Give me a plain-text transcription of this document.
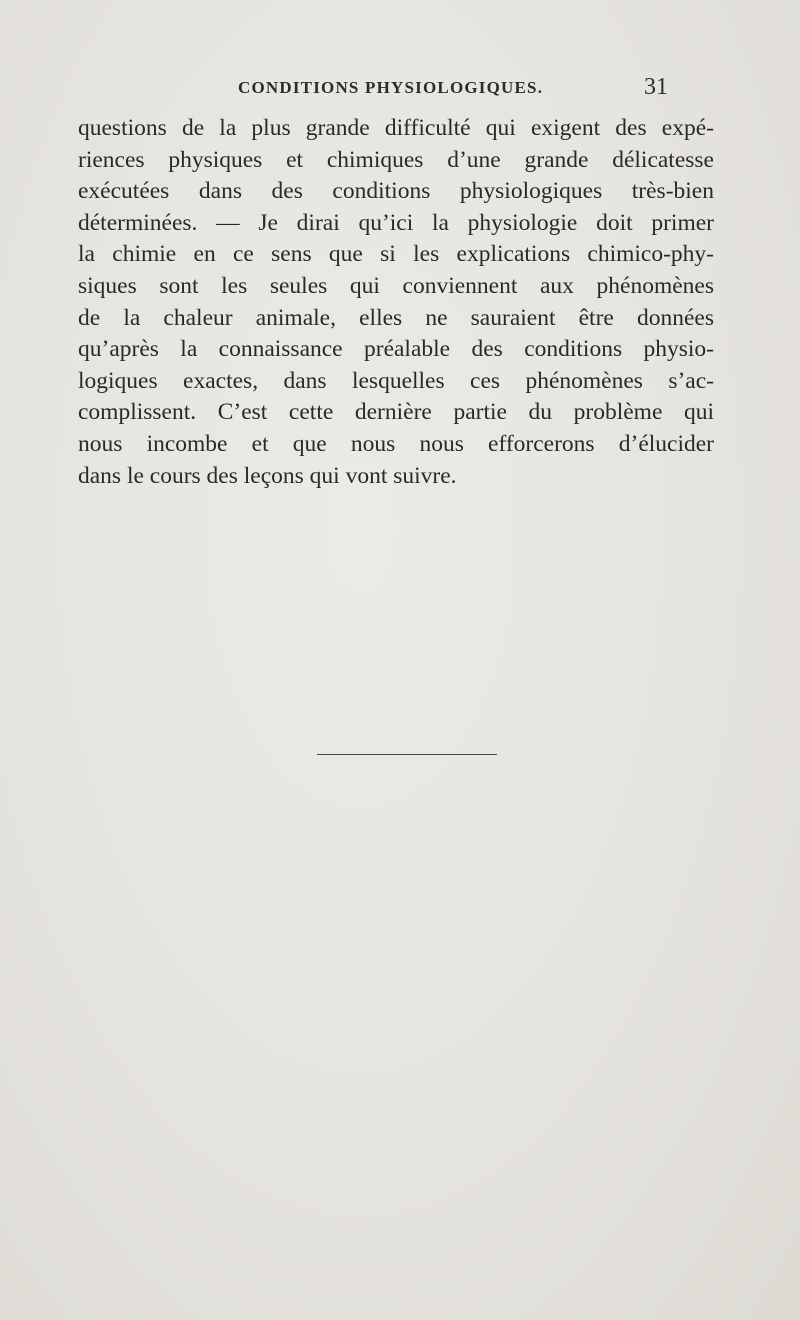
CONDITIONS PHYSIOLOGIQUES.	31
questions de la plus grande difficulté qui exigent des expé-
riences physiques et chimiques d’une grande délicatesse
exécutées dans des conditions physiologiques très-bien
déterminées. — Je dirai qu’ici la physiologie doit primer
la chimie en ce sens que si les explications chimico-phy-
siques sont les seules qui conviennent aux phénomènes
de la chaleur animale, elles ne sauraient être données
qu’après la connaissance préalable des conditions physio-
logiques exactes, dans lesquelles ces phénomènes s’ac-
complissent. C’est cette dernière partie du problème qui
nous incombe et que nous nous efforcerons d’élucider
dans le cours des leçons qui vont suivre.
